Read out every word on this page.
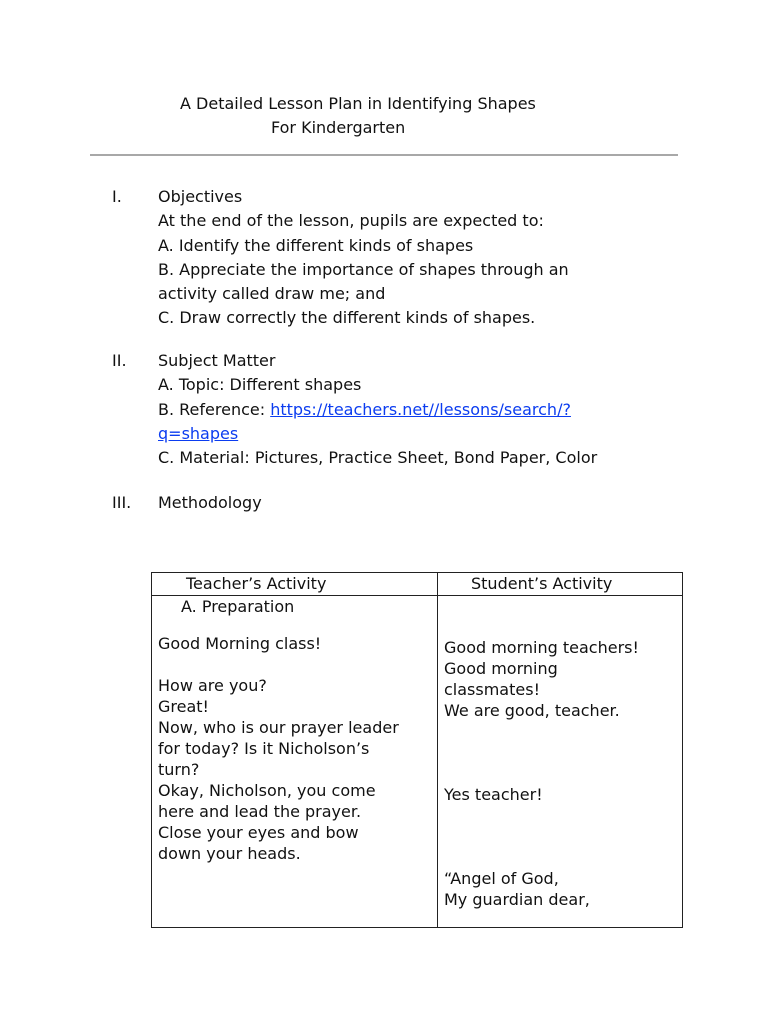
A Detailed Lesson Plan in Identifying Shapes
For Kindergarten
I. Objectives
At the end of the lesson, pupils are expected to:
A. Identify the different kinds of shapes
B. Appreciate the importance of shapes through an
activity called draw me; and
C. Draw correctly the different kinds of shapes.
II. Subject Matter
A. Topic: Different shapes
B. Reference: https://teachers.net//lessons/search/?
q=shapes
C. Material: Pictures, Practice Sheet, Bond Paper, Color
III. Methodology
Teacher’s Activity	Student’s Activity
A. Preparation
Good Morning class!
How are you?
Great!
Now, who is our prayer leader
for today? Is it Nicholson’s
turn?
Okay, Nicholson, you come
here and lead the prayer.
Close your eyes and bow
down your heads.
Good morning teachers!
Good morning
classmates!
We are good, teacher.
Yes teacher!
“Angel of God,
My guardian dear,
